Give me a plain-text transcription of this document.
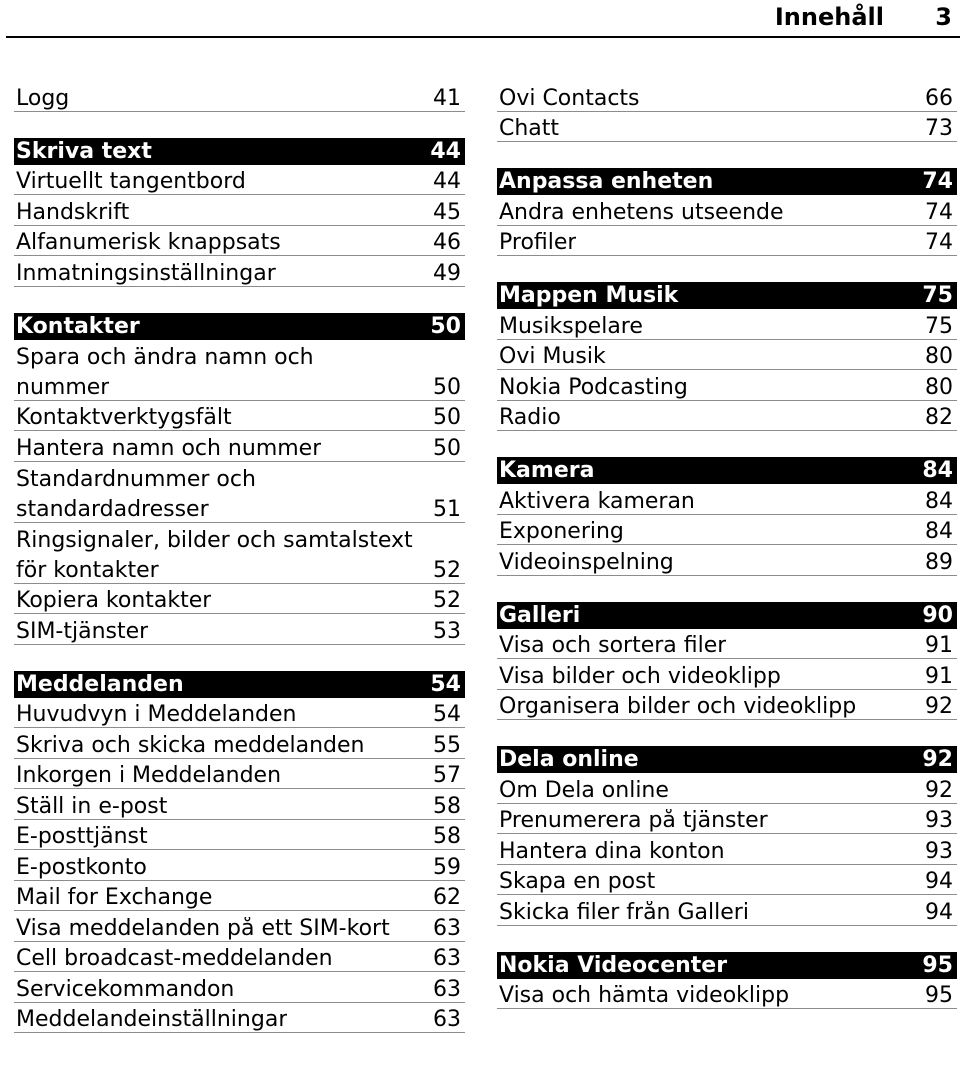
Innehåll 3
Logg	41
Skriva text	44
Virtuellt tangentbord	44
Handskrift	45
Alfanumerisk knappsats	46
Inmatningsinställningar	49
Kontakter	50
Spara och ändra namn och
nummer	50
Kontaktverktygsfält	50
Hantera namn och nummer	50
Standardnummer och
standardadresser	51
Ringsignaler, bilder och samtalstext
för kontakter	52
Kopiera kontakter	52
SIM-tjänster	53
Meddelanden	54
Huvudvyn i Meddelanden	54
Skriva och skicka meddelanden	55
Inkorgen i Meddelanden	57
Ställ in e-post	58
E-posttjänst	58
E-postkonto	59
Mail for Exchange	62
Visa meddelanden på ett SIM-kort	63
Cell broadcast-meddelanden	63
Servicekommandon	63
Meddelandeinställningar	63
Ovi Contacts	66
Chatt	73
Anpassa enheten	74
Ändra enhetens utseende	74
Profiler	74
Mappen Musik	75
Musikspelare	75
Ovi Musik	80
Nokia Podcasting	80
Radio	82
Kamera	84
Aktivera kameran	84
Exponering	84
Videoinspelning	89
Galleri	90
Visa och sortera filer	91
Visa bilder och videoklipp	91
Organisera bilder och videoklipp	92
Dela online	92
Om Dela online	92
Prenumerera på tjänster	93
Hantera dina konton	93
Skapa en post	94
Skicka filer från Galleri	94
Nokia Videocenter	95
Visa och hämta videoklipp	95
